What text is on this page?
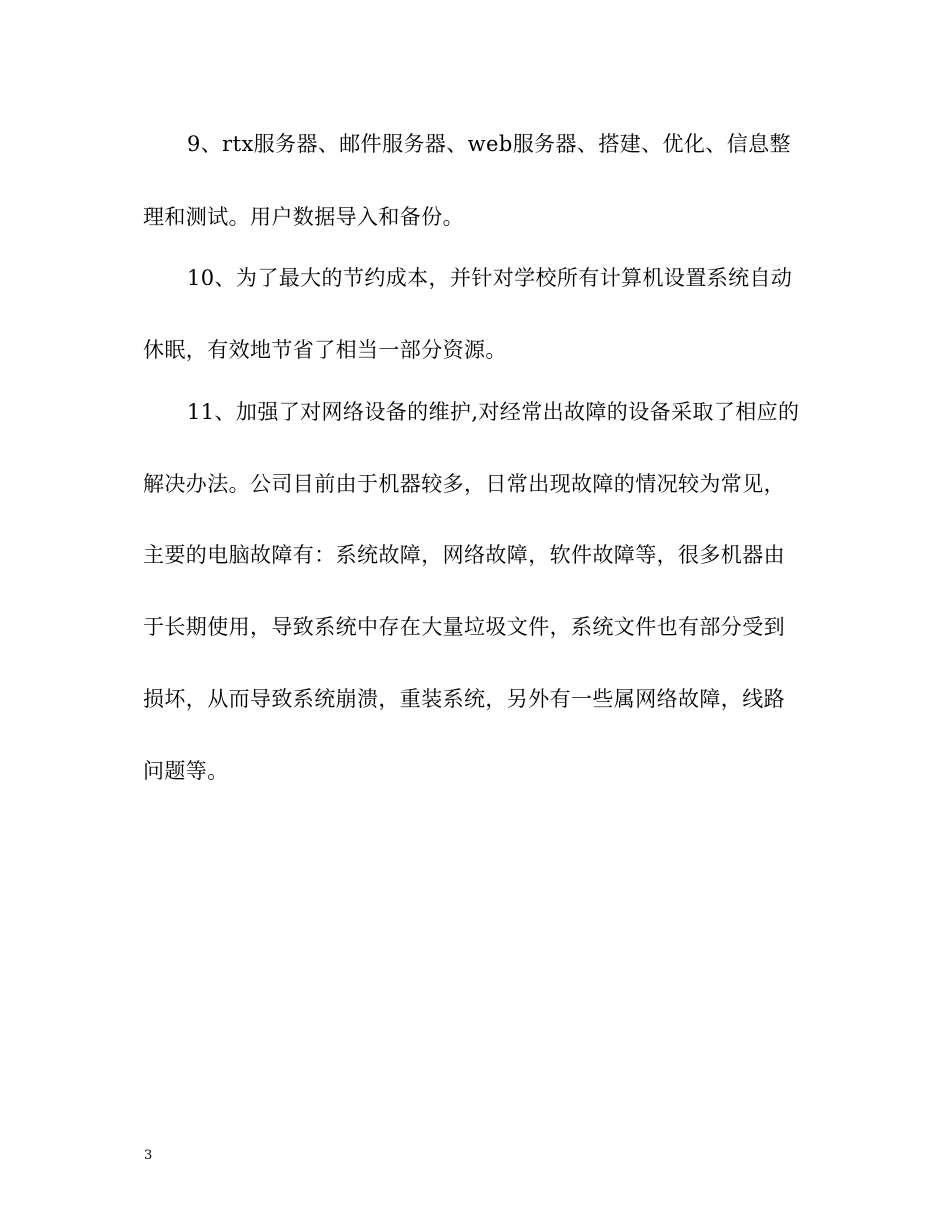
9、rtx服务器、邮件服务器、web服务器、搭建、优化、信息整
理和测试。用户数据导入和备份。
10、为了最大的节约成本，并针对学校所有计算机设置系统自动
休眠，有效地节省了相当一部分资源。
11、加强了对网络设备的维护,对经常出故障的设备采取了相应的
解决办法。公司目前由于机器较多，日常出现故障的情况较为常见，
主要的电脑故障有：系统故障，网络故障，软件故障等，很多机器由
于长期使用，导致系统中存在大量垃圾文件，系统文件也有部分受到
损坏，从而导致系统崩溃，重装系统，另外有一些属网络故障，线路
问题等。
3
